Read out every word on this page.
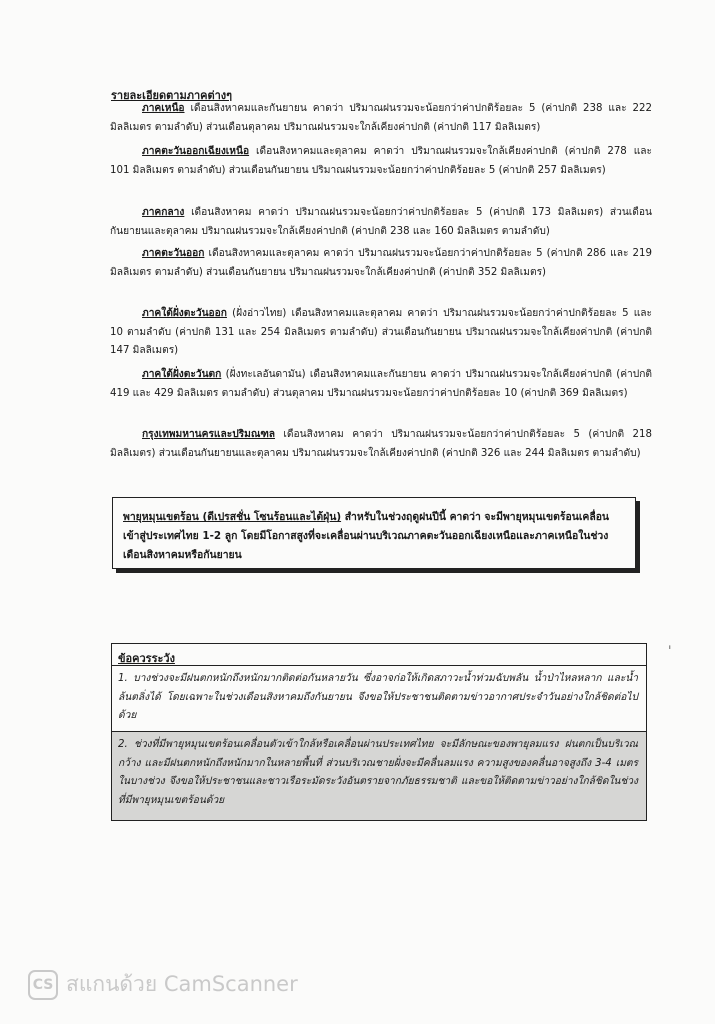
รายละเอียดตามภาคต่างๆ
ภาคเหนือ เดือนสิงหาคมและกันยายน คาดว่า ปริมาณฝนรวมจะน้อยกว่าค่าปกติร้อยละ 5 (ค่าปกติ 238 และ 222 มิลลิเมตร ตามลำดับ) ส่วนเดือนตุลาคม ปริมาณฝนรวมจะใกล้เคียงค่าปกติ (ค่าปกติ 117 มิลลิเมตร)
ภาคตะวันออกเฉียงเหนือ เดือนสิงหาคมและตุลาคม คาดว่า ปริมาณฝนรวมจะใกล้เคียงค่าปกติ (ค่าปกติ 278 และ 101 มิลลิเมตร ตามลำดับ) ส่วนเดือนกันยายน ปริมาณฝนรวมจะน้อยกว่าค่าปกติร้อยละ 5 (ค่าปกติ 257 มิลลิเมตร)
ภาคกลาง เดือนสิงหาคม คาดว่า ปริมาณฝนรวมจะน้อยกว่าค่าปกติร้อยละ 5 (ค่าปกติ 173 มิลลิเมตร) ส่วนเดือนกันยายนและตุลาคม ปริมาณฝนรวมจะใกล้เคียงค่าปกติ (ค่าปกติ 238 และ 160 มิลลิเมตร ตามลำดับ)
ภาคตะวันออก เดือนสิงหาคมและตุลาคม คาดว่า ปริมาณฝนรวมจะน้อยกว่าค่าปกติร้อยละ 5 (ค่าปกติ 286 และ 219 มิลลิเมตร ตามลำดับ) ส่วนเดือนกันยายน ปริมาณฝนรวมจะใกล้เคียงค่าปกติ (ค่าปกติ 352 มิลลิเมตร)
ภาคใต้ฝั่งตะวันออก (ฝั่งอ่าวไทย) เดือนสิงหาคมและตุลาคม คาดว่า ปริมาณฝนรวมจะน้อยกว่าค่าปกติร้อยละ 5 และ 10 ตามลำดับ (ค่าปกติ 131 และ 254 มิลลิเมตร ตามลำดับ) ส่วนเดือนกันยายน ปริมาณฝนรวมจะใกล้เคียงค่าปกติ (ค่าปกติ 147 มิลลิเมตร)
ภาคใต้ฝั่งตะวันตก (ฝั่งทะเลอันดามัน) เดือนสิงหาคมและกันยายน คาดว่า ปริมาณฝนรวมจะใกล้เคียงค่าปกติ (ค่าปกติ 419 และ 429 มิลลิเมตร ตามลำดับ) ส่วนตุลาคม ปริมาณฝนรวมจะน้อยกว่าค่าปกติร้อยละ 10 (ค่าปกติ 369 มิลลิเมตร)
กรุงเทพมหานครและปริมณฑล เดือนสิงหาคม คาดว่า ปริมาณฝนรวมจะน้อยกว่าค่าปกติร้อยละ 5 (ค่าปกติ 218 มิลลิเมตร) ส่วนเดือนกันยายนและตุลาคม ปริมาณฝนรวมจะใกล้เคียงค่าปกติ (ค่าปกติ 326 และ 244 มิลลิเมตร ตามลำดับ)
พายุหมุนเขตร้อน (ดีเปรสชั่น โซนร้อนและไต้ฝุ่น) สำหรับในช่วงฤดูฝนปีนี้ คาดว่า จะมีพายุหมุนเขตร้อนเคลื่อนเข้าสู่ประเทศไทย 1-2 ลูก โดยมีโอกาสสูงที่จะเคลื่อนผ่านบริเวณภาคตะวันออกเฉียงเหนือและภาคเหนือในช่วงเดือนสิงหาคมหรือกันยายน
ˌ
ข้อควรระวัง
1. บางช่วงจะมีฝนตกหนักถึงหนักมากติดต่อกันหลายวัน ซึ่งอาจก่อให้เกิดสภาวะน้ำท่วมฉับพลัน น้ำป่าไหลหลาก และน้ำล้นตลิ่งได้ โดยเฉพาะในช่วงเดือนสิงหาคมถึงกันยายน จึงขอให้ประชาชนติดตามข่าวอากาศประจำวันอย่างใกล้ชิดต่อไปด้วย
2. ช่วงที่มีพายุหมุนเขตร้อนเคลื่อนตัวเข้าใกล้หรือเคลื่อนผ่านประเทศไทย จะมีลักษณะของพายุลมแรง ฝนตกเป็นบริเวณกว้าง และมีฝนตกหนักถึงหนักมากในหลายพื้นที่ ส่วนบริเวณชายฝั่งจะมีคลื่นลมแรง ความสูงของคลื่นอาจสูงถึง 3-4 เมตรในบางช่วง จึงขอให้ประชาชนและชาวเรือระมัดระวังอันตรายจากภัยธรรมชาติ และขอให้ติดตามข่าวอย่างใกล้ชิดในช่วงที่มีพายุหมุนเขตร้อนด้วย
CS สแกนด้วย CamScanner
